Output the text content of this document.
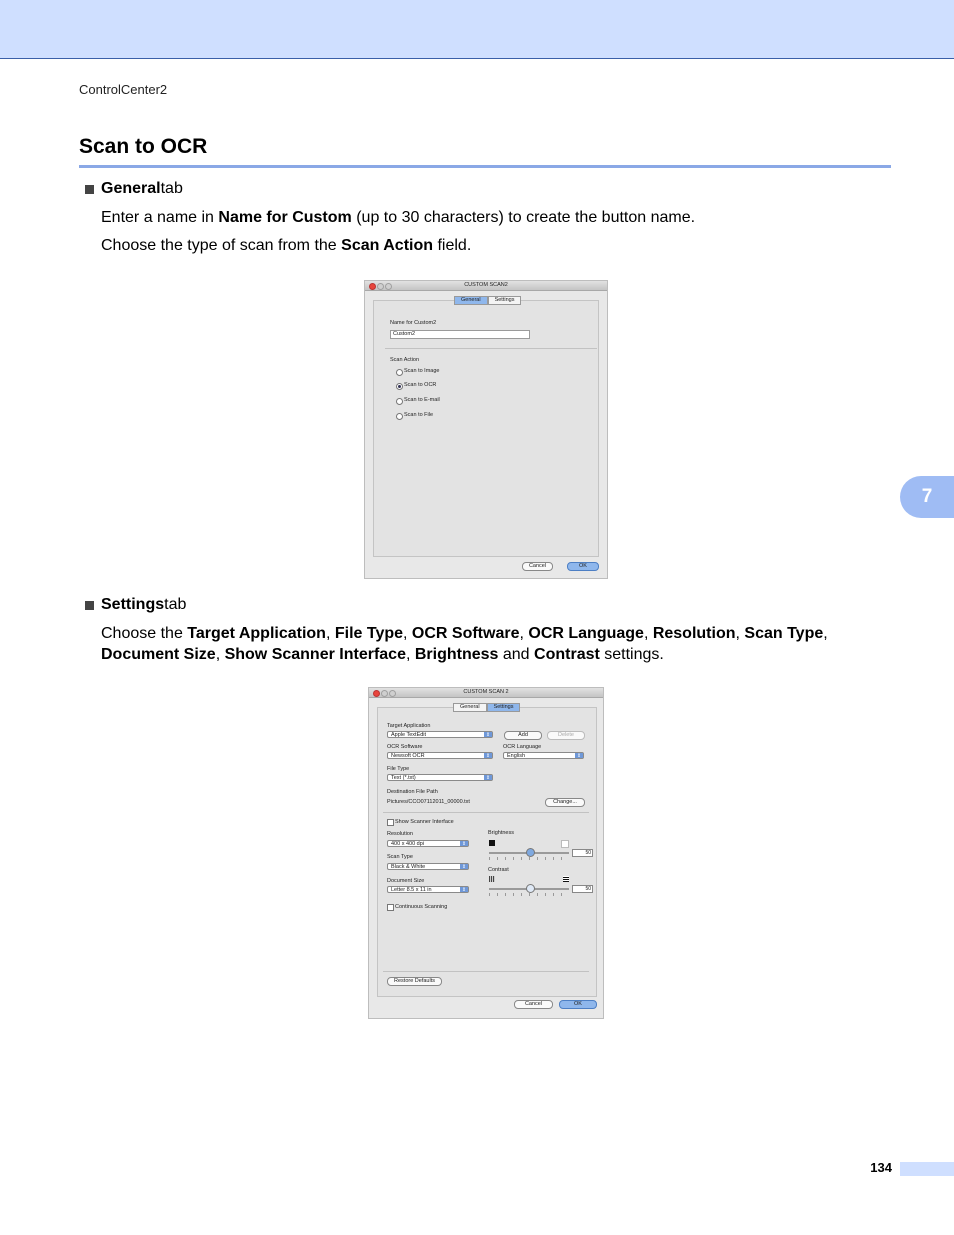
ControlCenter2
Scan to OCR
General tab
Enter a name in Name for Custom (up to 30 characters) to create the button name.
Choose the type of scan from the Scan Action field.
CUSTOM SCAN2
General	Settings
Name for Custom2
Custom2
Scan Action
Scan to Image
Scan to OCR
Scan to E-mail
Scan to File
Cancel	OK
Settings tab
Choose the Target Application, File Type, OCR Software, OCR Language, Resolution, Scan Type,
Document Size, Show Scanner Interface, Brightness and Contrast settings.
CUSTOM SCAN 2
General	Settings
Target Application
Apple TextEdit	⇕	Add	Delete
OCR Software
Newsoft OCR	⇕
OCR Language
English	⇕
File Type
Text (*.txt)	⇕
Destination File Path
Pictures/CCO07112011_00000.txt	Change...
Show Scanner Interface
Resolution
400 x 400 dpi	⇕
Scan Type
Black & White	⇕
Document Size
Letter 8.5 x 11 in	⇕
Brightness
50
Contrast
50
Continuous Scanning
Restore Defaults
Cancel	OK
7
134
